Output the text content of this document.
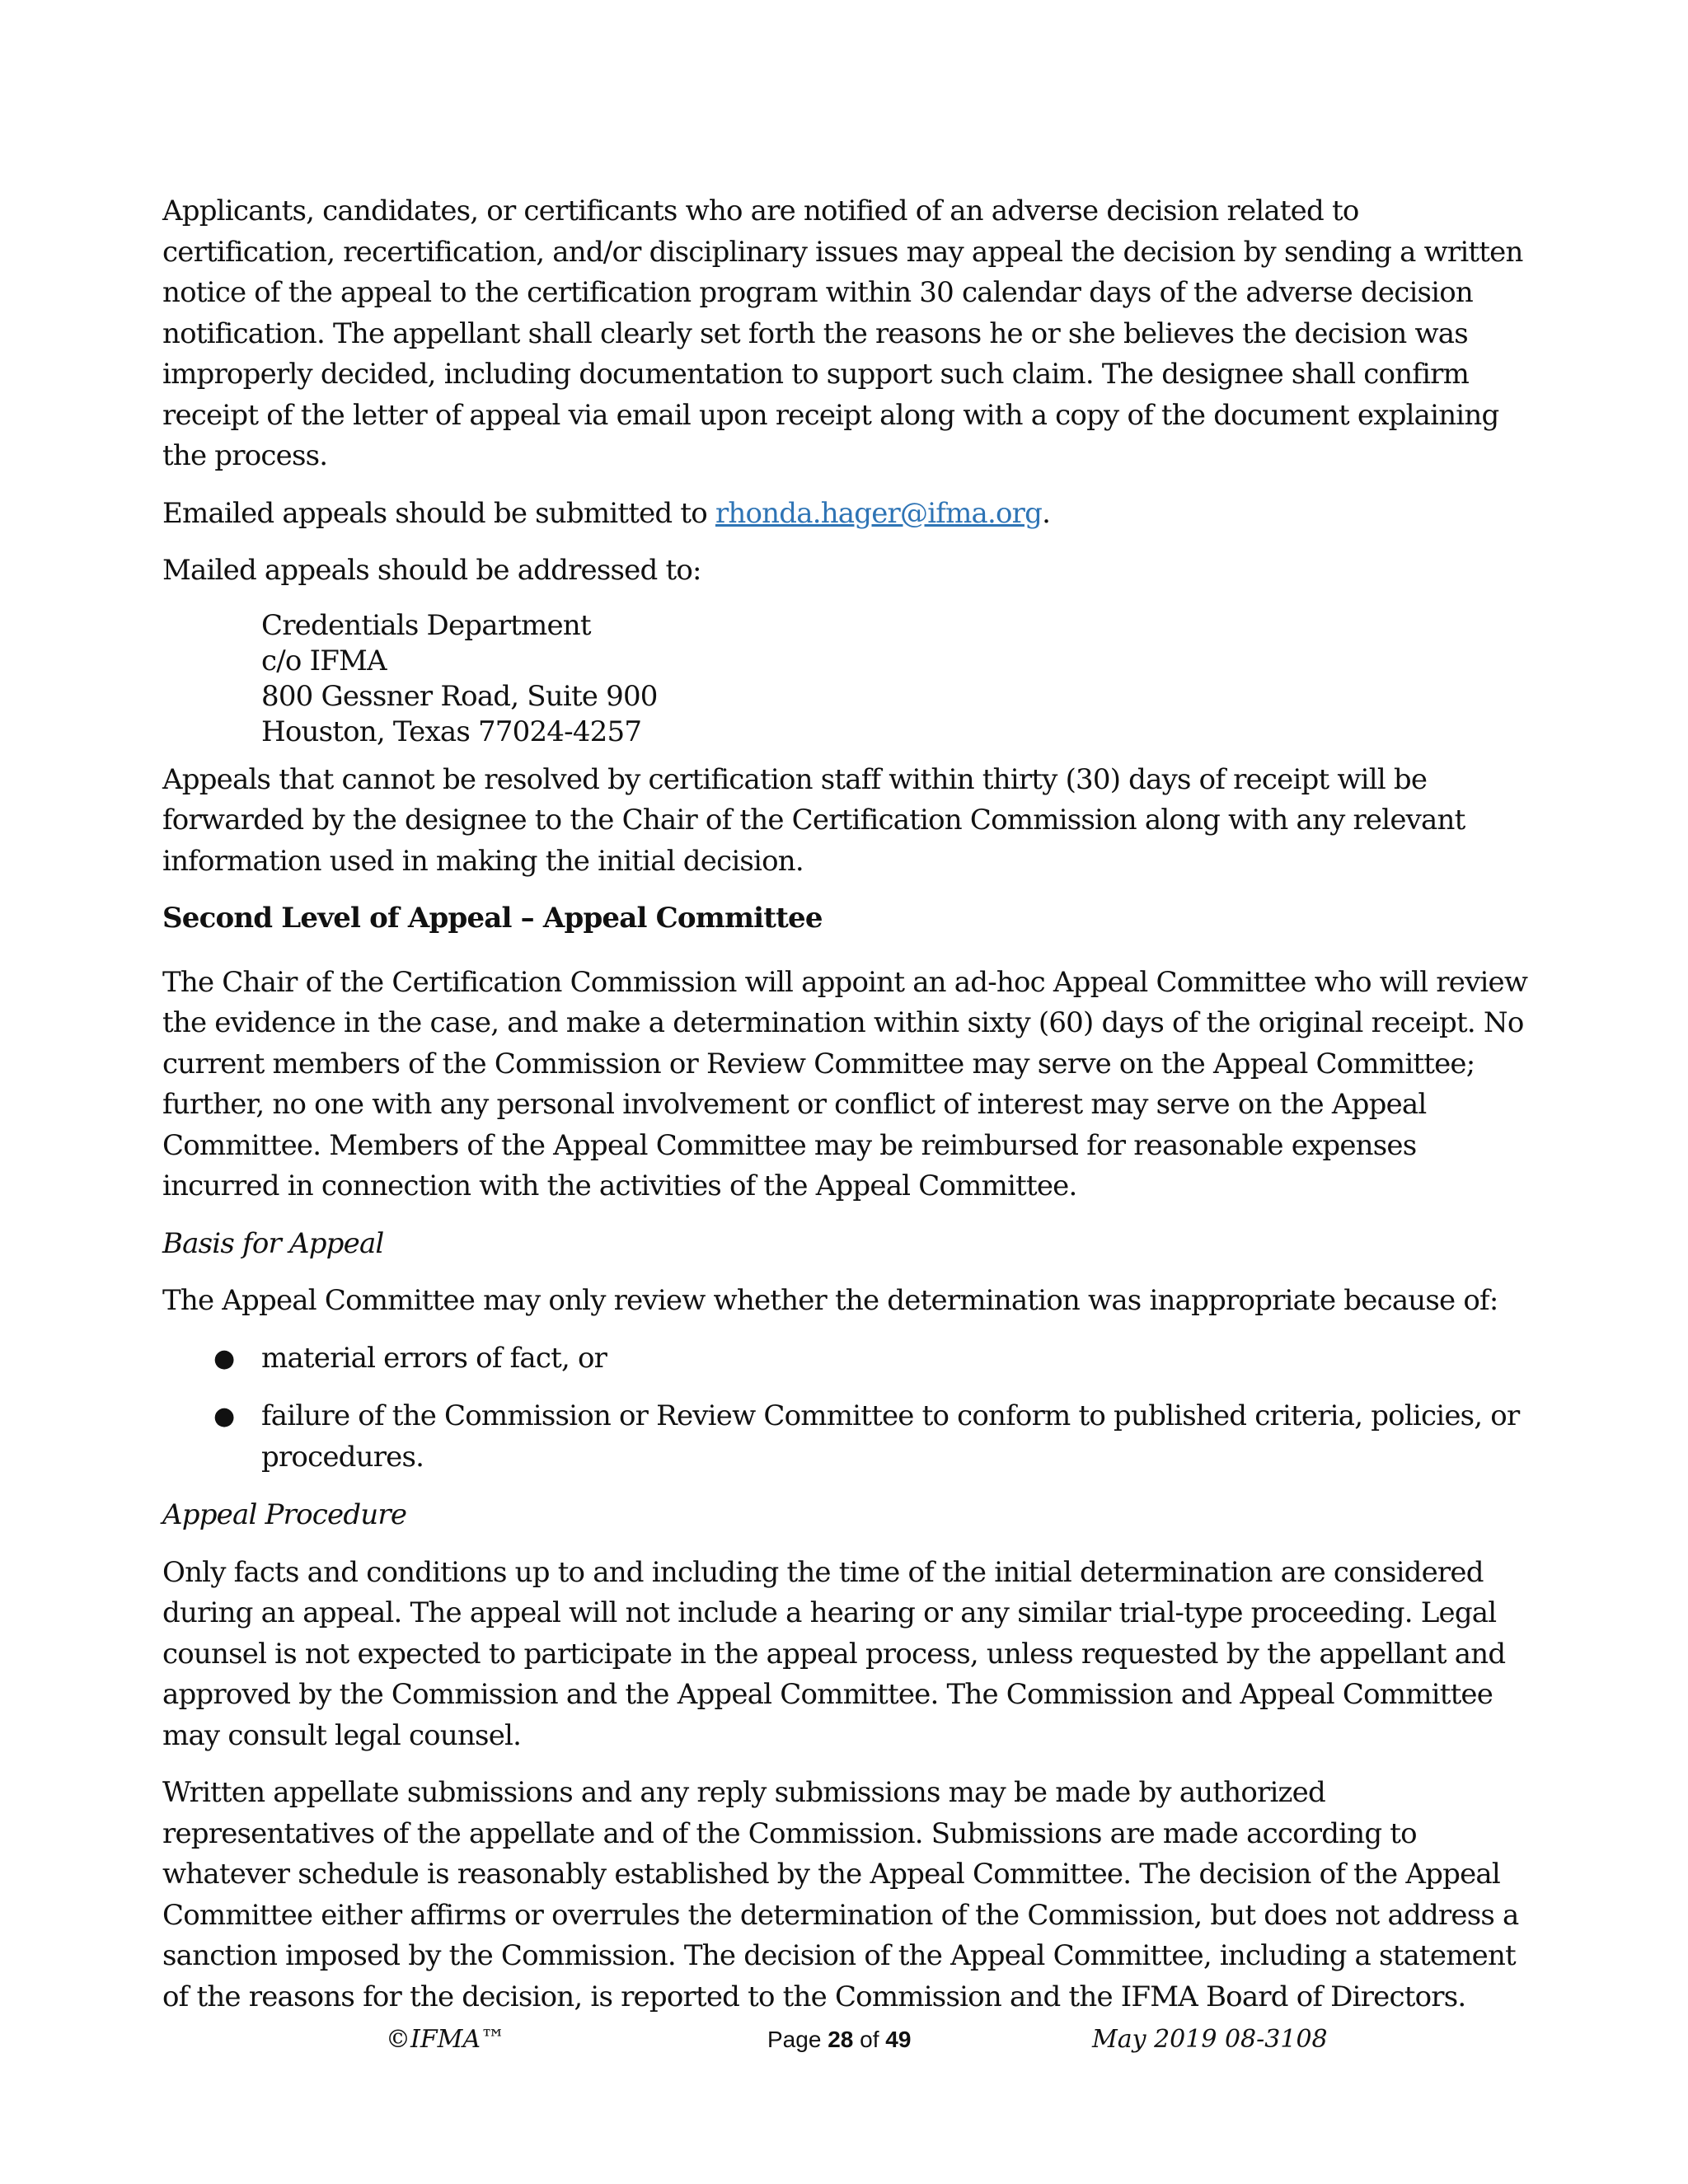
Applicants, candidates, or certificants who are notified of an adverse decision related to certification, recertification, and/or disciplinary issues may appeal the decision by sending a written notice of the appeal to the certification program within 30 calendar days of the adverse decision notification. The appellant shall clearly set forth the reasons he or she believes the decision was improperly decided, including documentation to support such claim. The designee shall confirm receipt of the letter of appeal via email upon receipt along with a copy of the document explaining the process.

Emailed appeals should be submitted to rhonda.hager@ifma.org.

Mailed appeals should be addressed to:

Credentials Department
c/o IFMA
800 Gessner Road, Suite 900
Houston, Texas 77024-4257

Appeals that cannot be resolved by certification staff within thirty (30) days of receipt will be forwarded by the designee to the Chair of the Certification Commission along with any relevant information used in making the initial decision.

Second Level of Appeal – Appeal Committee

The Chair of the Certification Commission will appoint an ad-hoc Appeal Committee who will review the evidence in the case, and make a determination within sixty (60) days of the original receipt. No current members of the Commission or Review Committee may serve on the Appeal Committee; further, no one with any personal involvement or conflict of interest may serve on the Appeal Committee. Members of the Appeal Committee may be reimbursed for reasonable expenses incurred in connection with the activities of the Appeal Committee.

Basis for Appeal

The Appeal Committee may only review whether the determination was inappropriate because of:

● material errors of fact, or
● failure of the Commission or Review Committee to conform to published criteria, policies, or procedures.
Appeal Procedure

Only facts and conditions up to and including the time of the initial determination are considered during an appeal. The appeal will not include a hearing or any similar trial-type proceeding. Legal counsel is not expected to participate in the appeal process, unless requested by the appellant and approved by the Commission and the Appeal Committee. The Commission and Appeal Committee may consult legal counsel.

Written appellate submissions and any reply submissions may be made by authorized representatives of the appellate and of the Commission. Submissions are made according to whatever schedule is reasonably established by the Appeal Committee. The decision of the Appeal Committee either affirms or overrules the determination of the Commission, but does not address a sanction imposed by the Commission. The decision of the Appeal Committee, including a statement of the reasons for the decision, is reported to the Commission and the IFMA Board of Directors.

©IFMA™	Page 28 of 49	May 2019 08-3108
